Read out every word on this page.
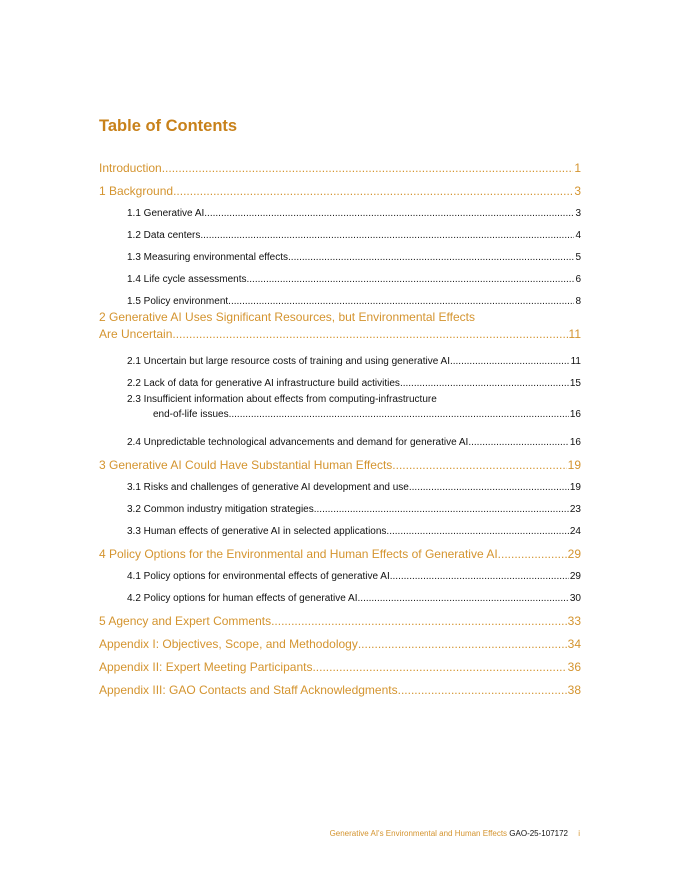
Table of Contents
Introduction .....	1
1 Background .....	3
1.1 Generative AI .....	3
1.2 Data centers .....	4
1.3 Measuring environmental effects .....	5
1.4 Life cycle assessments .....	6
1.5 Policy environment .....	8
2 Generative AI Uses Significant Resources, but Environmental Effects
Are Uncertain .....	11
2.1 Uncertain but large resource costs of training and using generative AI .....	11
2.2 Lack of data for generative AI infrastructure build activities .....	15
2.3 Insufficient information about effects from computing-infrastructure
end-of-life issues .....	16
2.4 Unpredictable technological advancements and demand for generative AI .....	16
3 Generative AI Could Have Substantial Human Effects .....	19
3.1 Risks and challenges of generative AI development and use .....	19
3.2 Common industry mitigation strategies .....	23
3.3 Human effects of generative AI in selected applications .....	24
4 Policy Options for the Environmental and Human Effects of Generative AI .....	29
4.1 Policy options for environmental effects of generative AI .....	29
4.2 Policy options for human effects of generative AI .....	30
5 Agency and Expert Comments .....	33
Appendix I: Objectives, Scope, and Methodology .....	34
Appendix II: Expert Meeting Participants .....	36
Appendix III: GAO Contacts and Staff Acknowledgments .....	38
Generative AI's Environmental and Human Effects GAO-25-107172 i
